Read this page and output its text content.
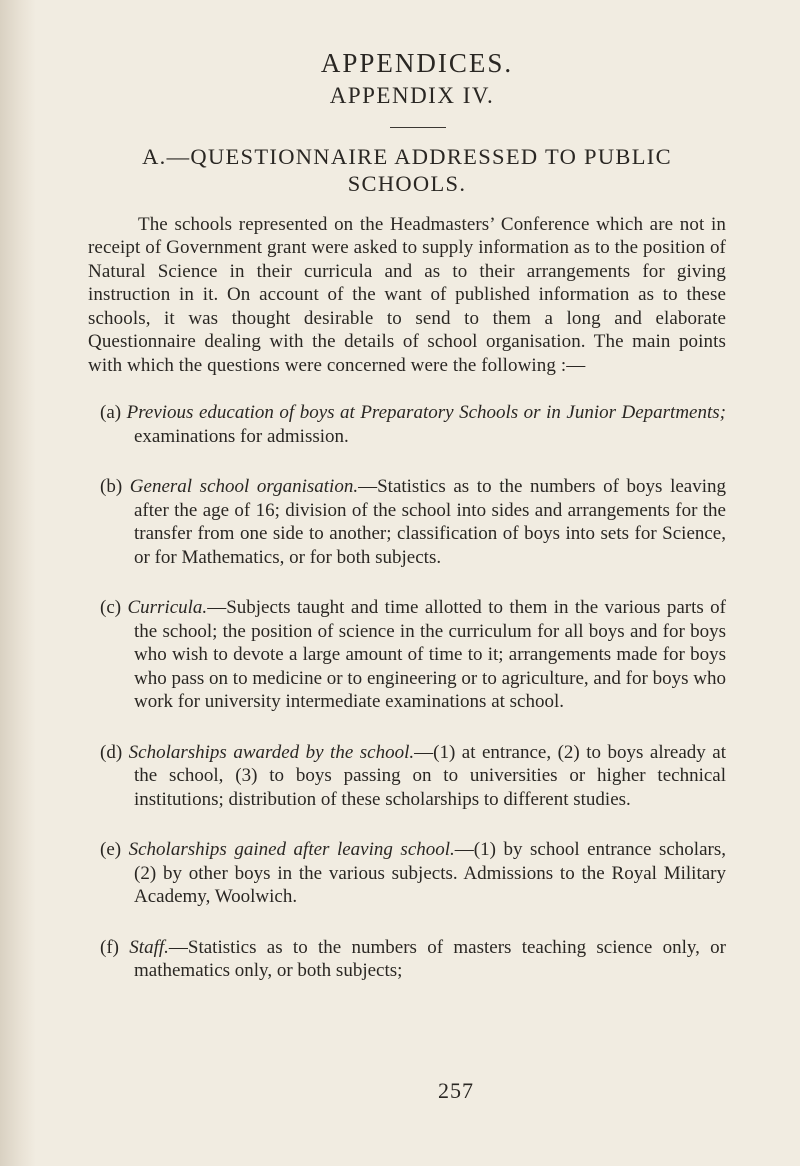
APPENDICES.
APPENDIX IV.
A.—QUESTIONNAIRE ADDRESSED TO PUBLIC
SCHOOLS.

The schools represented on the Headmasters’ Conference which are not in receipt of Government grant were asked to supply information as to the position of Natural Science in their curricula and as to their arrangements for giving instruction in it. On account of the want of published information as to these schools, it was thought desirable to send to them a long and elaborate Questionnaire dealing with the details of school organisation. The main points with which the questions were concerned were the following :—

(a) Previous education of boys at Preparatory Schools or in Junior Departments; examinations for admission.
(b) General school organisation.—Statistics as to the numbers of boys leaving after the age of 16; division of the school into sides and arrangements for the transfer from one side to another; classification of boys into sets for Science, or for Mathematics, or for both subjects.
(c) Curricula.—Subjects taught and time allotted to them in the various parts of the school; the position of science in the curriculum for all boys and for boys who wish to devote a large amount of time to it; arrangements made for boys who pass on to medicine or to engineering or to agriculture, and for boys who work for university intermediate examinations at school.
(d) Scholarships awarded by the school.—(1) at entrance, (2) to boys already at the school, (3) to boys passing on to universities or higher technical institutions; distribution of these scholarships to different studies.
(e) Scholarships gained after leaving school.—(1) by school entrance scholars, (2) by other boys in the various subjects. Admissions to the Royal Military Academy, Woolwich.
(f) Staff.—Statistics as to the numbers of masters teaching science only, or mathematics only, or both subjects;
257
